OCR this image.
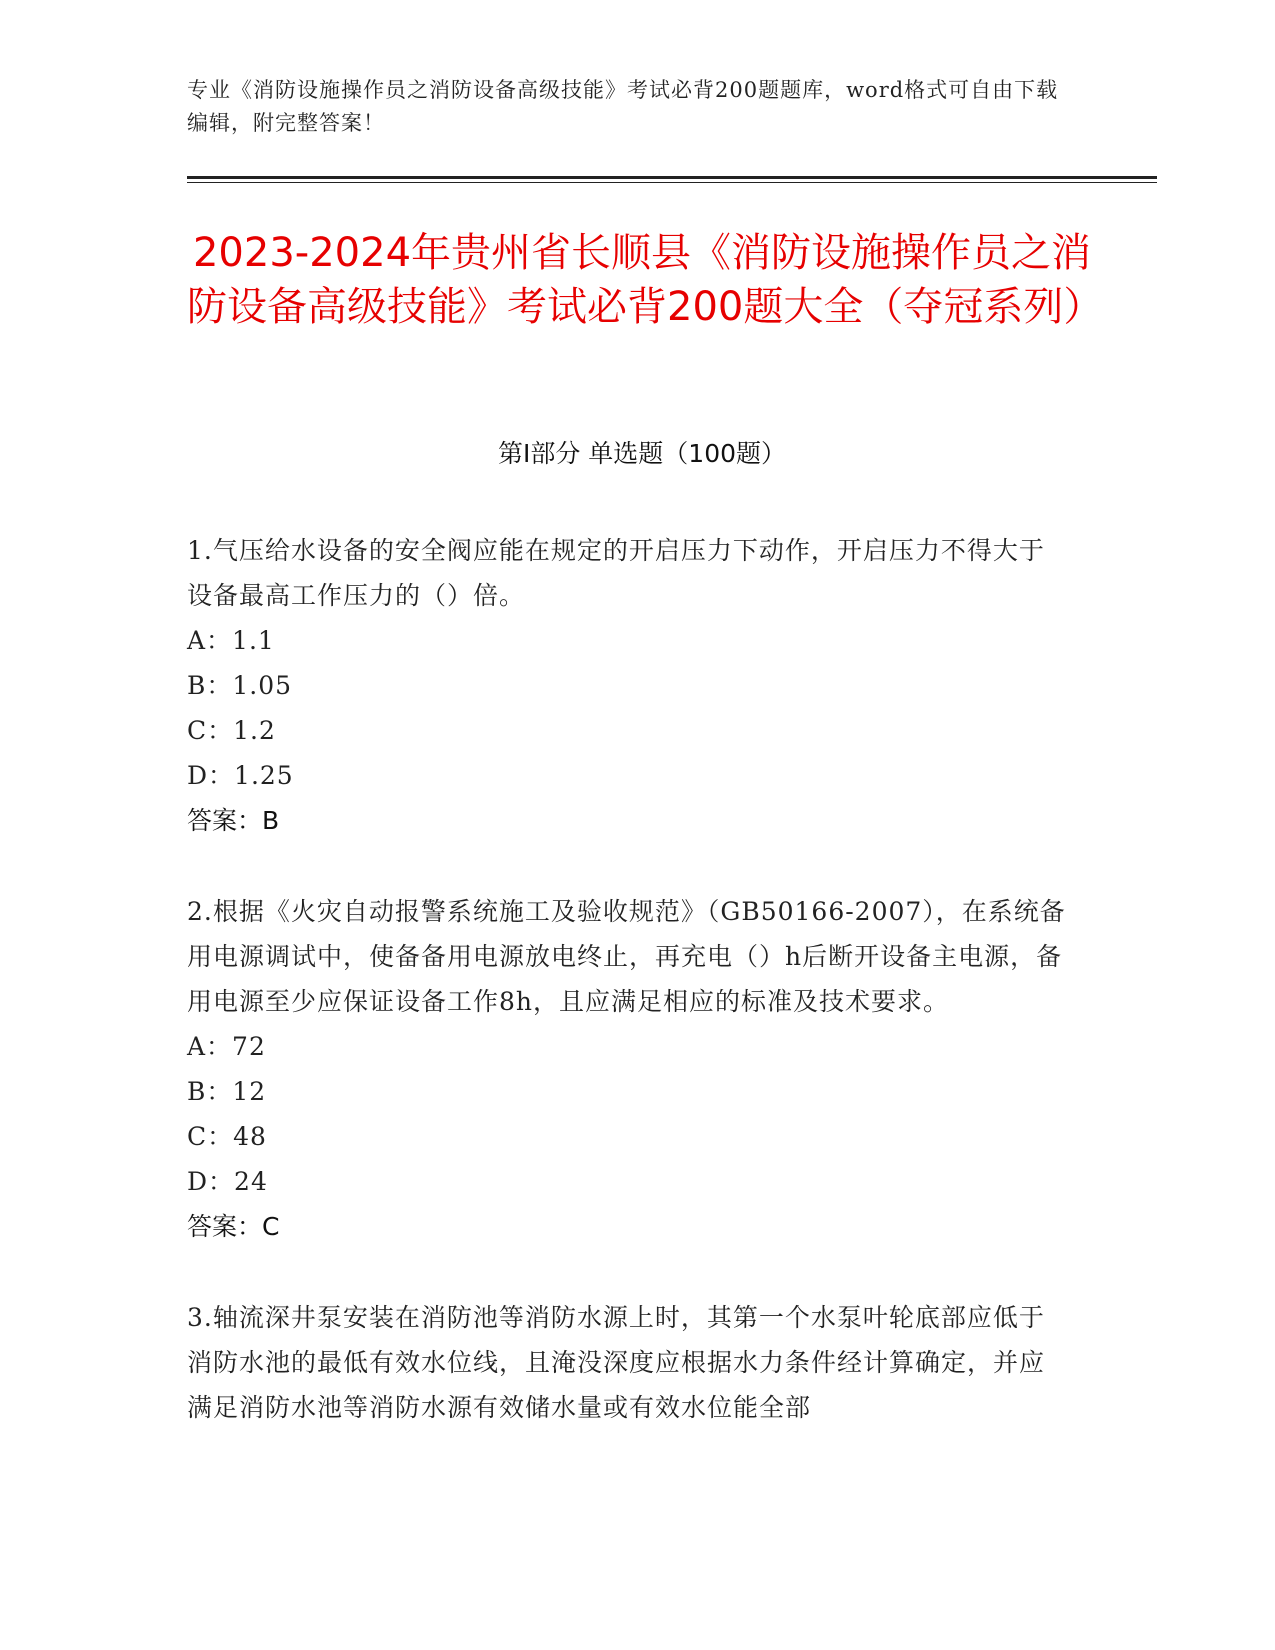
专业《消防设施操作员之消防设备高级技能》考试必背200题题库，word格式可自由下载编辑，附完整答案！
2023-2024年贵州省长顺县《消防设施操作员之消防设备高级技能》考试必背200题大全（夺冠系列）
第I部分 单选题（100题）

1.气压给水设备的安全阀应能在规定的开启压力下动作，开启压力不得大于设备最高工作压力的（）倍。

A：1.1

B：1.05

C：1.2

D：1.25

答案：B

2.根据《火灾自动报警系统施工及验收规范》（GB50166-2007），在系统备用电源调试中，使备备用电源放电终止，再充电（）h后断开设备主电源，备用电源至少应保证设备工作8h，且应满足相应的标准及技术要求。

A：72

B：12

C：48

D：24

答案：C

3.轴流深井泵安装在消防池等消防水源上时，其第一个水泵叶轮底部应低于消防水池的最低有效水位线，且淹没深度应根据水力条件经计算确定，并应满足消防水池等消防水源有效储水量或有效水位能全部
